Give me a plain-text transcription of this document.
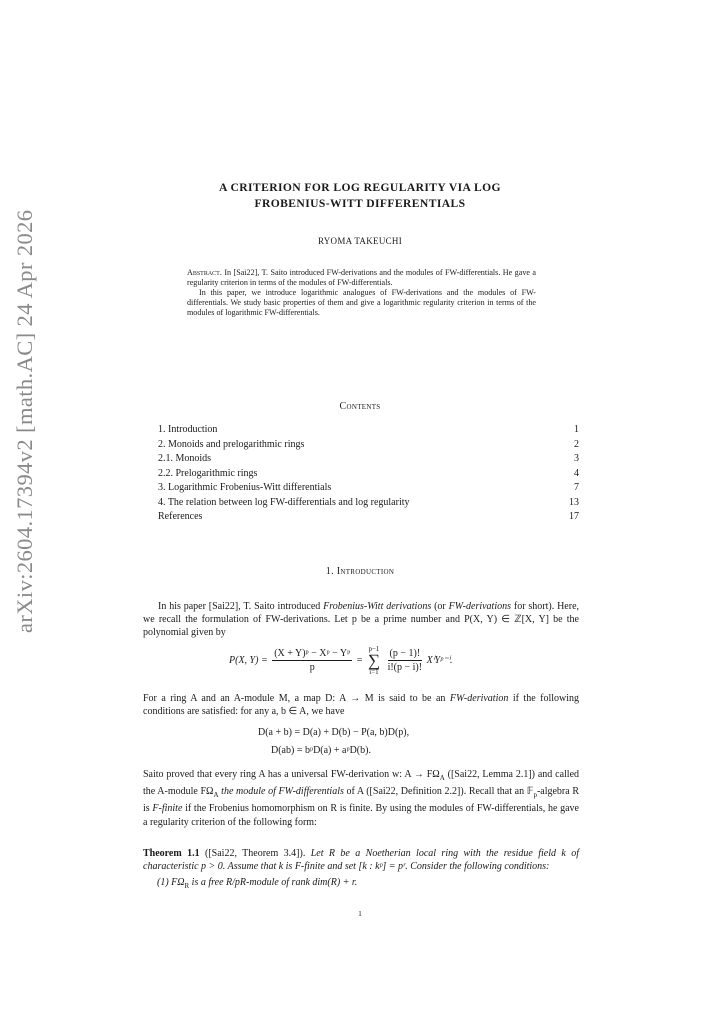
arXiv:2604.17394v2 [math.AC] 24 Apr 2026
A CRITERION FOR LOG REGULARITY VIA LOG
FROBENIUS-WITT DIFFERENTIALS
RYOMA TAKEUCHI

Abstract. In [Sai22], T. Saito introduced FW-derivations and the modules of FW-differentials. He gave a regularity criterion in terms of the modules of FW-differentials.

In this paper, we introduce logarithmic analogues of FW-derivations and the modules of FW-differentials. We study basic properties of them and give a logarithmic regularity criterion in terms of the modules of logarithmic FW-differentials.

Contents
1. Introduction	1
2. Monoids and prelogarithmic rings	2
2.1. Monoids	3
2.2. Prelogarithmic rings	4
3. Logarithmic Frobenius-Witt differentials	7
4. The relation between log FW-differentials and log regularity	13
References	17
1. Introduction

In his paper [Sai22], T. Saito introduced Frobenius-Witt derivations (or FW-derivations for short). Here, we recall the formulation of FW-derivations. Let p be a prime number and P(X, Y) ∈ ℤ[X, Y] be the polynomial given by

P(X, $Y) = \frac{\text{(X + Y)ᵖ − Xᵖ − Yᵖ}}{p}$ =
p−1
∑
i=1
$\frac{(p - 1)!}{i!(p - i)!}$ XⁱYᵖ⁻ⁱ.

For a ring A and an A-module M, a map D: A → M is said to be an FW-derivation if the following conditions are satisfied: for any a, b ∈ A, we have

D(a + b) = D(a) + D(b) − P(a, b)D(p),
D(ab) = bᵖD(a) + aᵖD(b).

Saito proved that every ring A has a universal FW-derivation w: $A \to F\Omega_A$ ([Sai22, Lemma 2.1]) and called the A-module $F\Omega_A$ the module of FW-differentials of A ([Sai22, Definition 2.2]). Recall that an 𝔽$_p$-algebra R is F-finite if the Frobenius homomorphism on R is finite. By using the modules of FW-differentials, he gave a regularity criterion of the following form:

Theorem 1.1 ([Sai22, Theorem 3.4]). Let R be a Noetherian local ring with the residue field k of characteristic p > 0. Assume that k is F-finite and set [k : kᵖ] = pʳ. Consider the following conditions:

(1) $F\Omega_R$ is a free R/pR-module of rank dim(R) + r.

1
